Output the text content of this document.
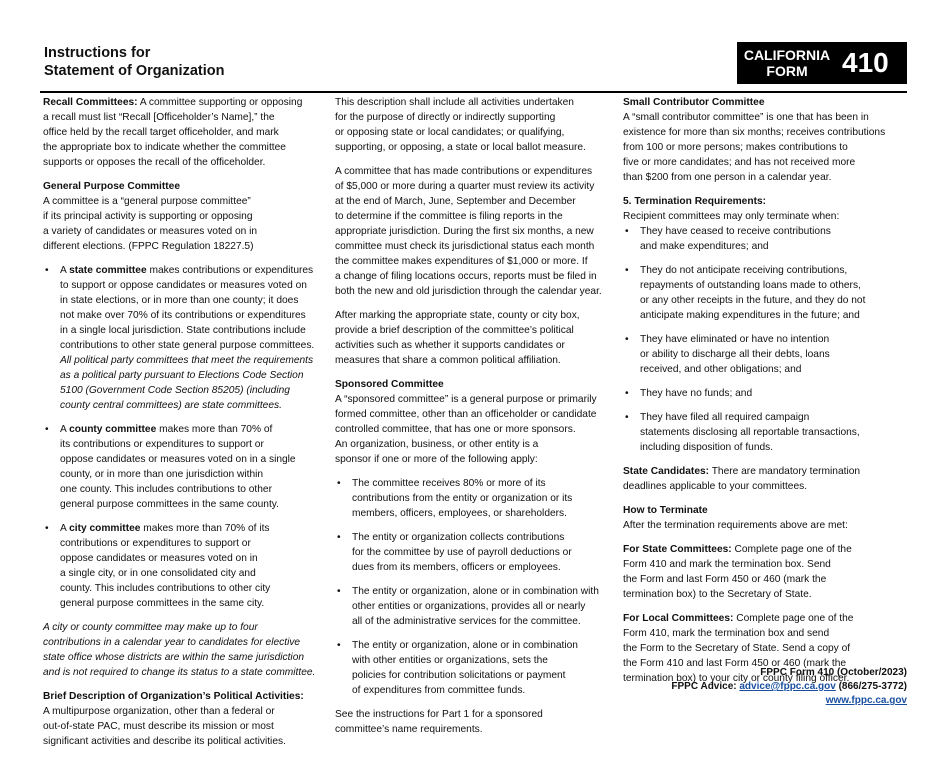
Instructions for
Statement of Organization
CALIFORNIA
FORM	410

Recall Committees: A committee supporting or opposing
a recall must list “Recall [Officeholder’s Name],” the
office held by the recall target officeholder, and mark
the appropriate box to indicate whether the committee
supports or opposes the recall of the officeholder.

General Purpose Committee

A committee is a “general purpose committee”
if its principal activity is supporting or opposing
a variety of candidates or measures voted on in
different elections. (FPPC Regulation 18227.5)

• A state committee makes contributions or expenditures
to support or oppose candidates or measures voted on
in state elections, or in more than one county; it does
not make over 70% of its contributions or expenditures
in a single local jurisdiction. State contributions include
contributions to other state general purpose committees.
All political party committees that meet the requirements
as a political party pursuant to Elections Code Section
5100 (Government Code Section 85205) (including
county central committees) are state committees.
• A county committee makes more than 70% of
its contributions or expenditures to support or
oppose candidates or measures voted on in a single
county, or in more than one jurisdiction within
one county. This includes contributions to other
general purpose committees in the same county.
• A city committee makes more than 70% of its
contributions or expenditures to support or
oppose candidates or measures voted on in
a single city, or in one consolidated city and
county. This includes contributions to other city
general purpose committees in the same city.

A city or county committee may make up to four
contributions in a calendar year to candidates for elective
state office whose districts are within the same jurisdiction
and is not required to change its status to a state committee.

Brief Description of Organization’s Political Activities:

A multipurpose organization, other than a federal or
out-of-state PAC, must describe its mission or most
significant activities and describe its political activities.

This description shall include all activities undertaken
for the purpose of directly or indirectly supporting
or opposing state or local candidates; or qualifying,
supporting, or opposing, a state or local ballot measure.

A committee that has made contributions or expenditures
of $5,000 or more during a quarter must review its activity
at the end of March, June, September and December
to determine if the committee is filing reports in the
appropriate jurisdiction. During the first six months, a new
committee must check its jurisdictional status each month
the committee makes expenditures of $1,000 or more. If
a change of filing locations occurs, reports must be filed in
both the new and old jurisdiction through the calendar year.

After marking the appropriate state, county or city box,
provide a brief description of the committee’s political
activities such as whether it supports candidates or
measures that share a common political affiliation.

Sponsored Committee

A “sponsored committee” is a general purpose or primarily
formed committee, other than an officeholder or candidate
controlled committee, that has one or more sponsors.
An organization, business, or other entity is a
sponsor if one or more of the following apply:

• The committee receives 80% or more of its
contributions from the entity or organization or its
members, officers, employees, or shareholders.
• The entity or organization collects contributions
for the committee by use of payroll deductions or
dues from its members, officers or employees.
• The entity or organization, alone or in combination with
other entities or organizations, provides all or nearly
all of the administrative services for the committee.
• The entity or organization, alone or in combination
with other entities or organizations, sets the
policies for contribution solicitations or payment
of expenditures from committee funds.

See the instructions for Part 1 for a sponsored
committee’s name requirements.

Small Contributor Committee

A “small contributor committee” is one that has been in
existence for more than six months; receives contributions
from 100 or more persons; makes contributions to
five or more candidates; and has not received more
than $200 from one person in a calendar year.

5. Termination Requirements:

Recipient committees may only terminate when:

• They have ceased to receive contributions
and make expenditures; and
• They do not anticipate receiving contributions,
repayments of outstanding loans made to others,
or any other receipts in the future, and they do not
anticipate making expenditures in the future; and
• They have eliminated or have no intention
or ability to discharge all their debts, loans
received, and other obligations; and
• They have no funds; and
• They have filed all required campaign
statements disclosing all reportable transactions,
including disposition of funds.

State Candidates: There are mandatory termination
deadlines applicable to your committees.

How to Terminate

After the termination requirements above are met:

For State Committees: Complete page one of the
Form 410 and mark the termination box. Send
the Form and last Form 450 or 460 (mark the
termination box) to the Secretary of State.

For Local Committees: Complete page one of the
Form 410, mark the termination box and send
the Form to the Secretary of State. Send a copy of
the Form 410 and last Form 450 or 460 (mark the
termination box) to your city or county filing officer.

FPPC Form 410 (October/2023)
FPPC Advice: advice@fppc.ca.gov (866/275-3772)
www.fppc.ca.gov
